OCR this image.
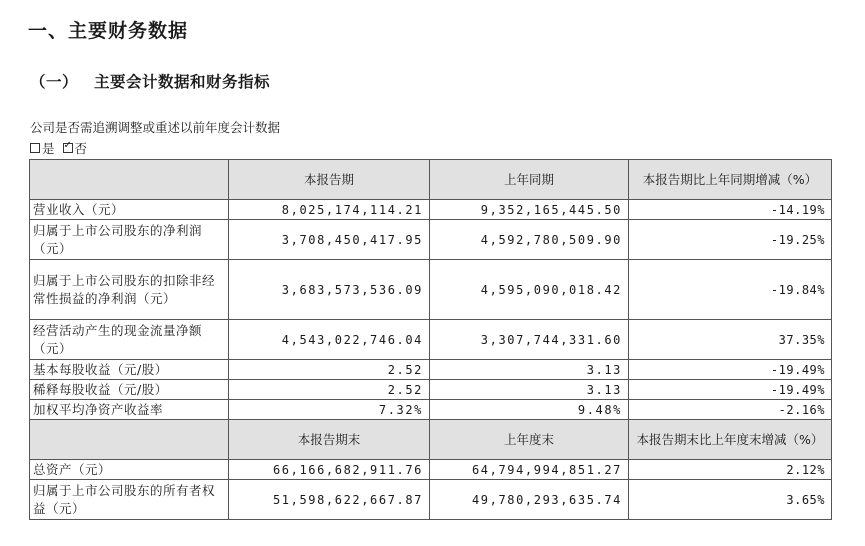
一、主要财务数据
（一） 主要会计数据和财务指标
公司是否需追溯调整或重述以前年度会计数据
是 ✓ 否
	本报告期	上年同期	本报告期比上年同期增减（%）
营业收入（元）	8,025,174,114.21	9,352,165,445.50	-14.19%
归属于上市公司股东的净利润（元）	3,708,450,417.95	4,592,780,509.90	-19.25%
归属于上市公司股东的扣除非经常性损益的净利润（元）	3,683,573,536.09	4,595,090,018.42	-19.84%
经营活动产生的现金流量净额（元）	4,543,022,746.04	3,307,744,331.60	37.35%
基本每股收益（元/股）	2.52	3.13	-19.49%
稀释每股收益（元/股）	2.52	3.13	-19.49%
加权平均净资产收益率	7.32%	9.48%	-2.16%
	本报告期末	上年度末	本报告期末比上年度末增减（%）
总资产（元）	66,166,682,911.76	64,794,994,851.27	2.12%
归属于上市公司股东的所有者权益（元）	51,598,622,667.87	49,780,293,635.74	3.65%
